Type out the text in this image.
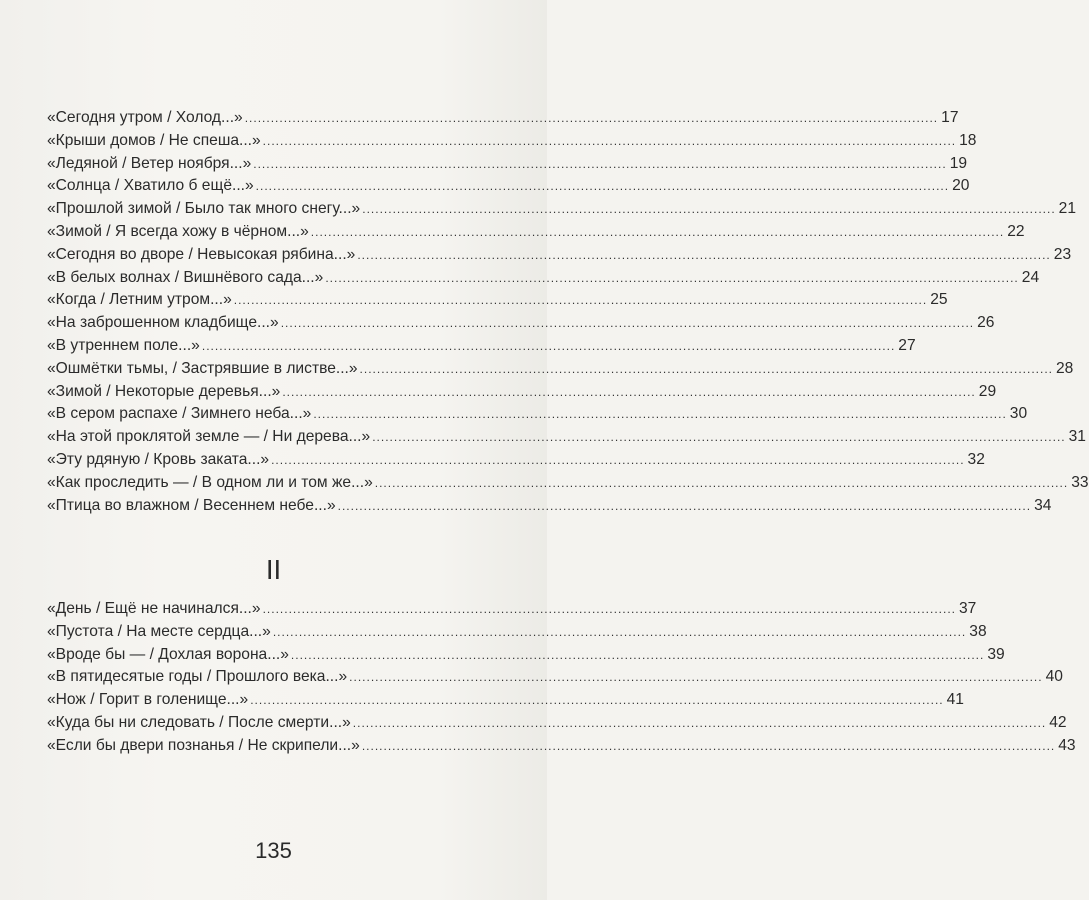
«Сегодня утром / Холод...» .....	17
«Крыши домов / Не спеша...» .....	18
«Ледяной / Ветер ноября...» .....	19
«Солнца / Хватило б ещё...» .....	20
«Прошлой зимой / Было так много снегу...» .....	21
«Зимой / Я всегда хожу в чёрном...» .....	22
«Сегодня во дворе / Невысокая рябина...» .....	23
«В белых волнах / Вишнёвого сада...» .....	24
«Когда / Летним утром...» .....	25
«На заброшенном кладбище...» .....	26
«В утреннем поле...» .....	27
«Ошмётки тьмы, / Застрявшие в листве...» .....	28
«Зимой / Некоторые деревья...» .....	29
«В сером распахе / Зимнего неба...» .....	30
«На этой проклятой земле — / Ни дерева...» .....	31
«Эту рдяную / Кровь заката...» .....	32
«Как проследить — / В одном ли и том же...» .....	33
«Птица во влажном / Весеннем небе...» .....	34
II
«День / Ещё не начинался...» .....	37
«Пустота / На месте сердца...» .....	38
«Вроде бы — / Дохлая ворона...» .....	39
«В пятидесятые годы / Прошлого века...» .....	40
«Нож / Горит в голенище...» .....	41
«Куда бы ни следовать / После смерти...» .....	42
«Если бы двери познанья / Не скрипели...» .....	43
135
